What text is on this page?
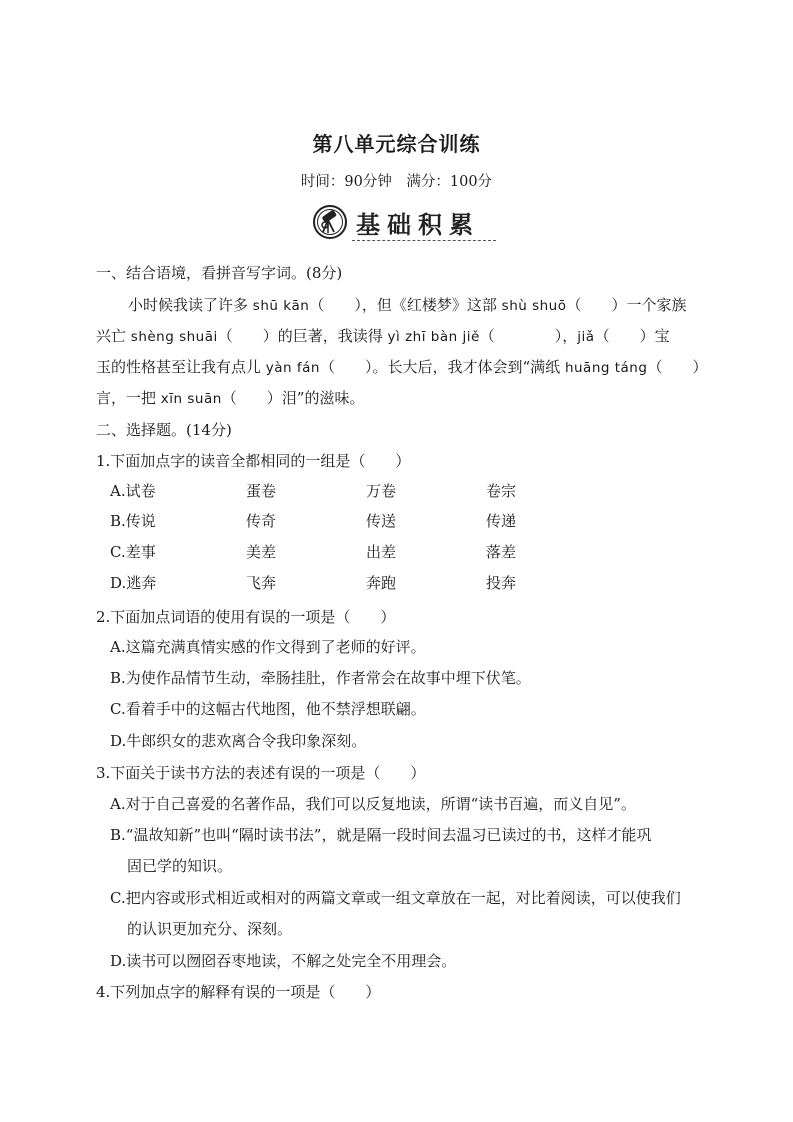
第八单元综合训练
时间：90分钟　满分：100分
基础积累
一、结合语境，看拼音写字词。(8分)
小时候我读了许多 shū kān（　　），但《红楼梦》这部 shù shuō（　　）一个家族
兴亡 shèng shuāi（　　）的巨著，我读得 yì zhī bàn jiě（　　　　），jiǎ（　　）宝
玉的性格甚至让我有点儿 yàn fán（　　）。长大后，我才体会到“满纸 huāng táng（　　）
言，一把 xīn suān（　　）泪”的滋味。
二、选择题。(14分)
1.下面加点字的读音全都相同的一组是（　　）
A.试卷	蛋卷	万卷	卷宗
B.传说	传奇	传送	传递
C.差事	美差	出差	落差
D.逃奔	飞奔	奔跑	投奔
2.下面加点词语的使用有误的一项是（　　）
A.这篇充满真情实感的作文得到了老师的好评。
B.为使作品情节生动，牵肠挂肚，作者常会在故事中埋下伏笔。
C.看着手中的这幅古代地图，他不禁浮想联翩。
D.牛郎织女的悲欢离合令我印象深刻。
3.下面关于读书方法的表述有误的一项是（　　）
A.对于自己喜爱的名著作品，我们可以反复地读，所谓“读书百遍，而义自见”。
B.“温故知新”也叫“隔时读书法”，就是隔一段时间去温习已读过的书，这样才能巩
固已学的知识。
C.把内容或形式相近或相对的两篇文章或一组文章放在一起，对比着阅读，可以使我们
的认识更加充分、深刻。
D.读书可以囫囵吞枣地读，不解之处完全不用理会。
4.下列加点字的解释有误的一项是（　　）
